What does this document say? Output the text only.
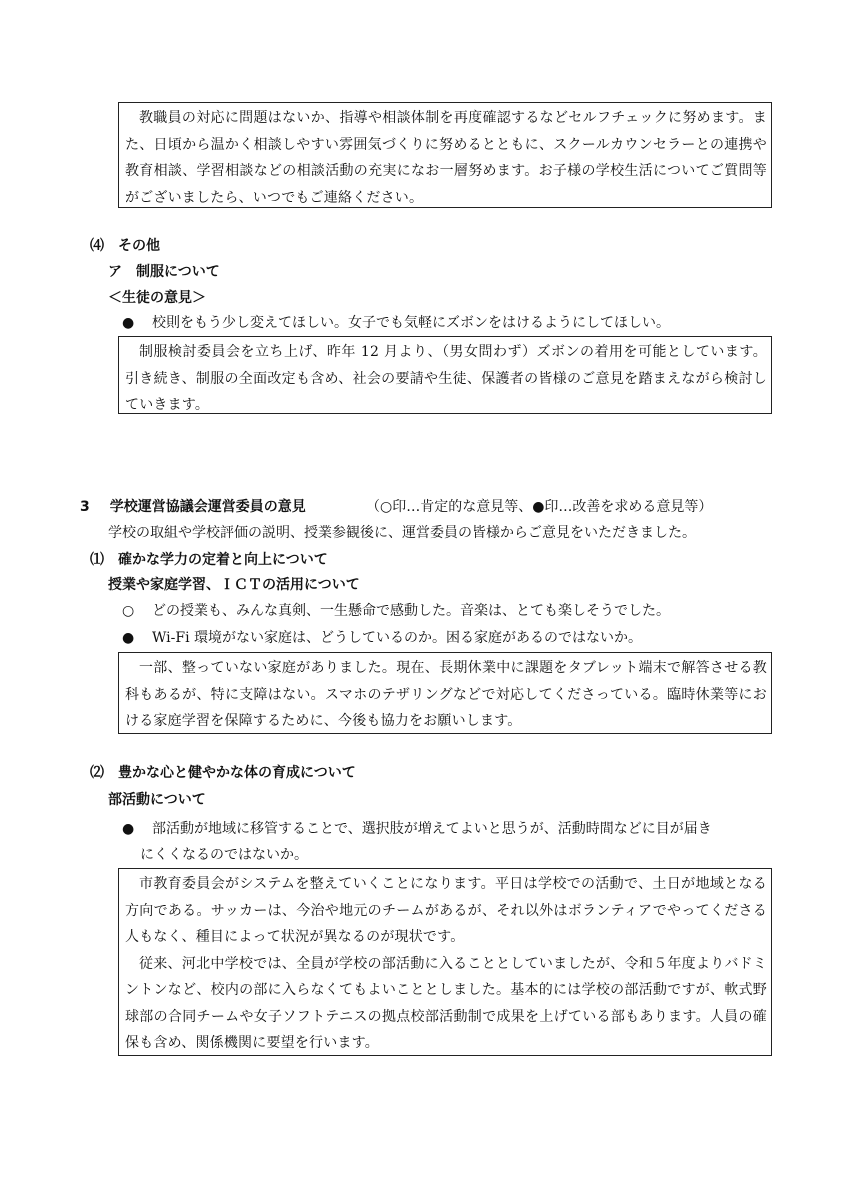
教職員の対応に問題はないか、指導や相談体制を再度確認するなどセルフチェックに努めます。また、日頃から温かく相談しやすい雰囲気づくりに努めるとともに、スクールカウンセラーとの連携や教育相談、学習相談などの相談活動の充実になお一層努めます。お子様の学校生活についてご質問等がございましたら、いつでもご連絡ください。

⑷ その他
ア　制服について
＜生徒の意見＞
● 校則をもう少し変えてほしい。女子でも気軽にズボンをはけるようにしてほしい。

制服検討委員会を立ち上げ、昨年 12 月より、（男女問わず）ズボンの着用を可能としています。引き続き、制服の全面改定も含め、社会の要請や生徒、保護者の皆様のご意見を踏まえながら検討していきます。

3 学校運営協議会運営委員の意見	（○印…肯定的な意見等、●印…改善を求める意見等）
学校の取組や学校評価の説明、授業参観後に、運営委員の皆様からご意見をいただきました。
⑴ 確かな学力の定着と向上について
授業や家庭学習、ＩＣＴの活用について
○ どの授業も、みんな真剣、一生懸命で感動した。音楽は、とても楽しそうでした。
● Wi-Fi 環境がない家庭は、どうしているのか。困る家庭があるのではないか。

一部、整っていない家庭がありました。現在、長期休業中に課題をタブレット端末で解答させる教科もあるが、特に支障はない。スマホのテザリングなどで対応してくださっている。臨時休業等における家庭学習を保障するために、今後も協力をお願いします。

⑵ 豊かな心と健やかな体の育成について
部活動について
● 部活動が地域に移管することで、選択肢が増えてよいと思うが、活動時間などに目が届き
にくくなるのではないか。

市教育委員会がシステムを整えていくことになります。平日は学校での活動で、土日が地域となる方向である。サッカーは、今治や地元のチームがあるが、それ以外はボランティアでやってくださる人もなく、種目によって状況が異なるのが現状です。

従来、河北中学校では、全員が学校の部活動に入ることとしていましたが、令和５年度よりバドミントンなど、校内の部に入らなくてもよいこととしました。基本的には学校の部活動ですが、軟式野球部の合同チームや女子ソフトテニスの拠点校部活動制で成果を上げている部もあります。人員の確保も含め、関係機関に要望を行います。
